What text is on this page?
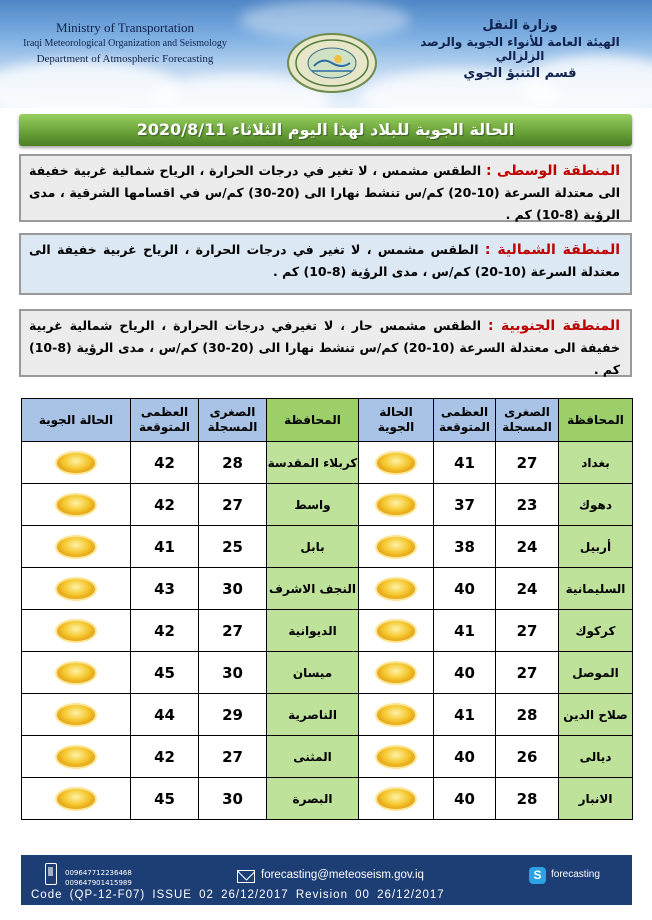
Ministry of Transportation
Iraqi Meteorological Organization and Seismology
Department of Atmospheric Forecasting
وزارة النقل
الهيئة العامة للأنواء الجوية والرصد الزلزالي
قسم التنبؤ الجوي
الحالة الجوية للبلاد لهذا اليوم الثلاثاء 2020/8/11
المنطقة الوسطى : الطقس مشمس ، لا تغير في درجات الحرارة ، الرياح شمالية غربية خفيفة الى معتدلة السرعة (10-20) كم/س تنشط نهارا الى (20-30) كم/س في اقسامها الشرقية ، مدى الرؤية (8-10) كم .
المنطقة الشمالية : الطقس مشمس ، لا تغير في درجات الحرارة ، الرياح غربية خفيفة الى معتدلة السرعة (10-20) كم/س ، مدى الرؤية (8-10) كم .
المنطقة الجنوبية : الطقس مشمس حار ، لا تغيرفي درجات الحرارة ، الرياح شمالية غربية خفيفة الى معتدلة السرعة (10-20) كم/س تنشط نهارا الى (20-30) كم/س ، مدى الرؤية (8-10) كم .
الحالة الجوية	العظمى المتوقعة	الصغرى المسجلة	المحافظة	الحالة الجوية	العظمى المتوقعة	الصغرى المسجلة	المحافظة
	42	28	كربلاء المقدسة		41	27	بغداد
	42	27	واسط		37	23	دهوك
	41	25	بابل		38	24	أربيل
	43	30	النجف الاشرف		40	24	السليمانية
	42	27	الديوانية		41	27	كركوك
	45	30	ميسان		40	27	الموصل
	44	29	الناصرية		41	28	صلاح الدين
	42	27	المثنى		40	26	ديالى
	45	30	البصرة		40	28	الانبار
009647712236468
009647901415989
forecasting@meteoseism.gov.iq	S forecasting
Code (QP-12-F07) ISSUE 02 26/12/2017 Revision 00 26/12/2017
